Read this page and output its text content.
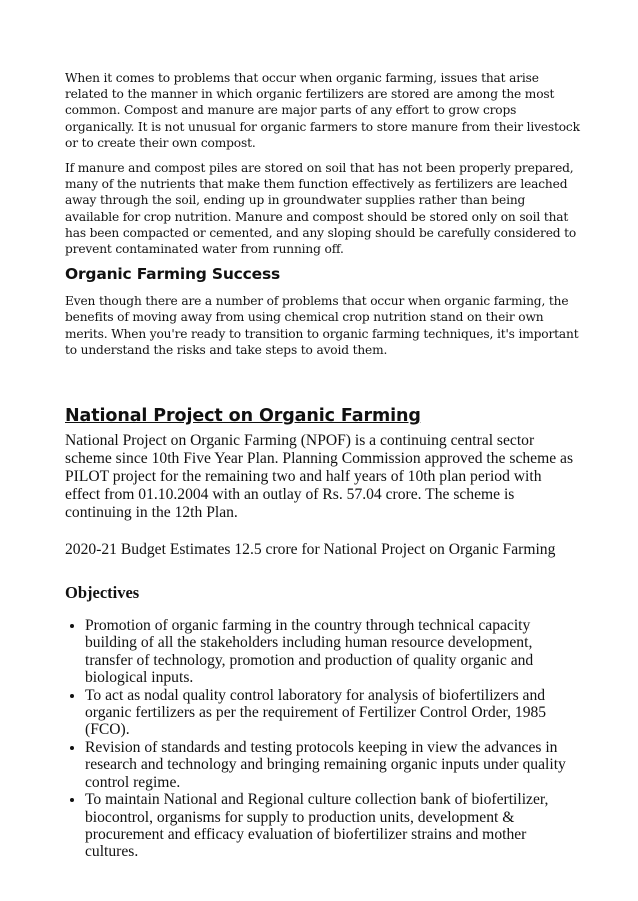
When it comes to problems that occur when organic farming, issues that arise related to the manner in which organic fertilizers are stored are among the most common. Compost and manure are major parts of any effort to grow crops organically. It is not unusual for organic farmers to store manure from their livestock or to create their own compost.

If manure and compost piles are stored on soil that has not been properly prepared, many of the nutrients that make them function effectively as fertilizers are leached away through the soil, ending up in groundwater supplies rather than being available for crop nutrition. Manure and compost should be stored only on soil that has been compacted or cemented, and any sloping should be carefully considered to prevent contaminated water from running off.

Organic Farming Success

Even though there are a number of problems that occur when organic farming, the benefits of moving away from using chemical crop nutrition stand on their own merits. When you're ready to transition to organic farming techniques, it's important to understand the risks and take steps to avoid them.

National Project on Organic Farming

National Project on Organic Farming (NPOF) is a continuing central sector scheme since 10th Five Year Plan. Planning Commission approved the scheme as PILOT project for the remaining two and half years of 10th plan period with effect from 01.10.2004 with an outlay of Rs. 57.04 crore. The scheme is continuing in the 12th Plan.

2020-21 Budget Estimates 12.5 crore for National Project on Organic Farming

Objectives
• Promotion of organic farming in the country through technical capacity building of all the stakeholders including human resource development, transfer of technology, promotion and production of quality organic and biological inputs.
• To act as nodal quality control laboratory for analysis of biofertilizers and organic fertilizers as per the requirement of Fertilizer Control Order, 1985 (FCO).
• Revision of standards and testing protocols keeping in view the advances in research and technology and bringing remaining organic inputs under quality control regime.
• To maintain National and Regional culture collection bank of biofertilizer, biocontrol, organisms for supply to production units, development & procurement and efficacy evaluation of biofertilizer strains and mother cultures.
